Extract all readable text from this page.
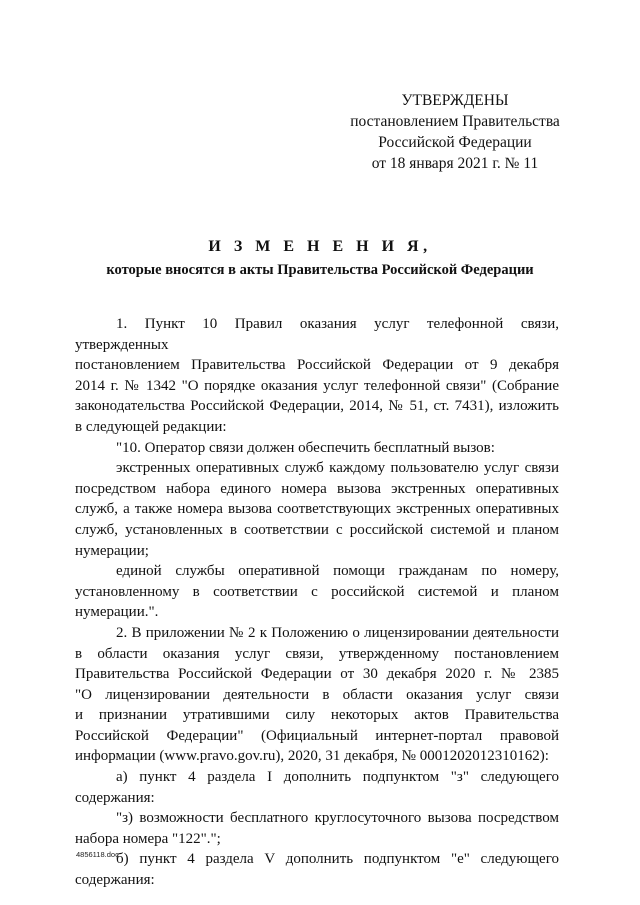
УТВЕРЖДЕНЫ
постановлением Правительства
Российской Федерации
от 18 января 2021 г. № 11
И З М Е Н Е Н И Я,
которые вносятся в акты Правительства Российской Федерации

1. Пункт 10 Правил оказания услуг телефонной связи, утвержденных

постановлением Правительства Российской Федерации от 9 декабря

2014 г. № 1342 "О порядке оказания услуг телефонной связи" (Собрание

законодательства Российской Федерации, 2014, № 51, ст. 7431), изложить

в следующей редакции:

"10. Оператор связи должен обеспечить бесплатный вызов:

экстренных оперативных служб каждому пользователю услуг связи

посредством набора единого номера вызова экстренных оперативных

служб, а также номера вызова соответствующих экстренных оперативных

служб, установленных в соответствии с российской системой и планом

нумерации;

единой службы оперативной помощи гражданам по номеру,

установленному в соответствии с российской системой и планом

нумерации.".

2. В приложении № 2 к Положению о лицензировании деятельности

в области оказания услуг связи, утвержденному постановлением

Правительства Российской Федерации от 30 декабря 2020 г. № 2385

"О лицензировании деятельности в области оказания услуг связи

и признании утратившими силу некоторых актов Правительства

Российской Федерации" (Официальный интернет-портал правовой

информации (www.pravo.gov.ru), 2020, 31 декабря, № 0001202012310162):

а) пункт 4 раздела I дополнить подпунктом "з" следующего

содержания:

"з) возможности бесплатного круглосуточного вызова посредством

набора номера "122".";

б) пункт 4 раздела V дополнить подпунктом "е" следующего

содержания:

4856118.doc
